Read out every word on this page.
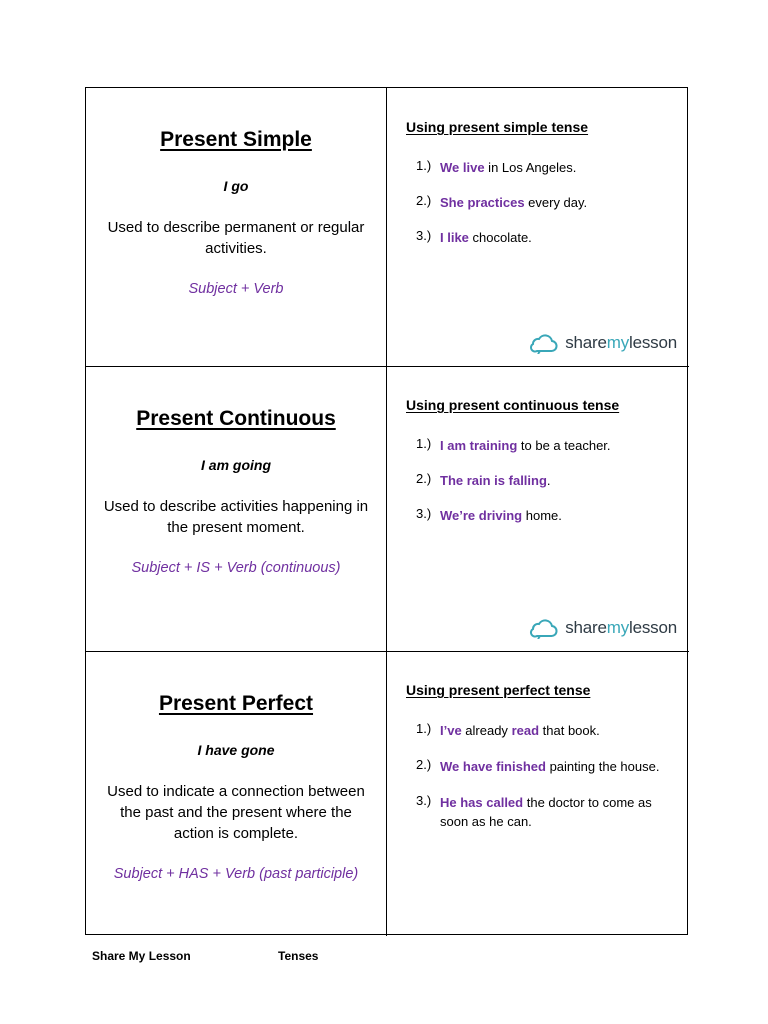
Present Simple
I go
Used to describe permanent or regular activities.
Subject + Verb
Using present simple tense
1.) We live in Los Angeles.
2.) She practices every day.
3.) I like chocolate.
sharemylesson
Present Continuous
I am going
Used to describe activities happening in the present moment.
Subject + IS + Verb (continuous)
Using present continuous tense
1.) I am training to be a teacher.
2.) The rain is falling.
3.) We’re driving home.
sharemylesson
Present Perfect
I have gone
Used to indicate a connection between the past and the present where the action is complete.
Subject + HAS + Verb (past participle)
Using present perfect tense
1.) I’ve already read that book.
2.) We have finished painting the house.
3.) He has called the doctor to come as soon as he can.
Share My Lesson	Tenses
